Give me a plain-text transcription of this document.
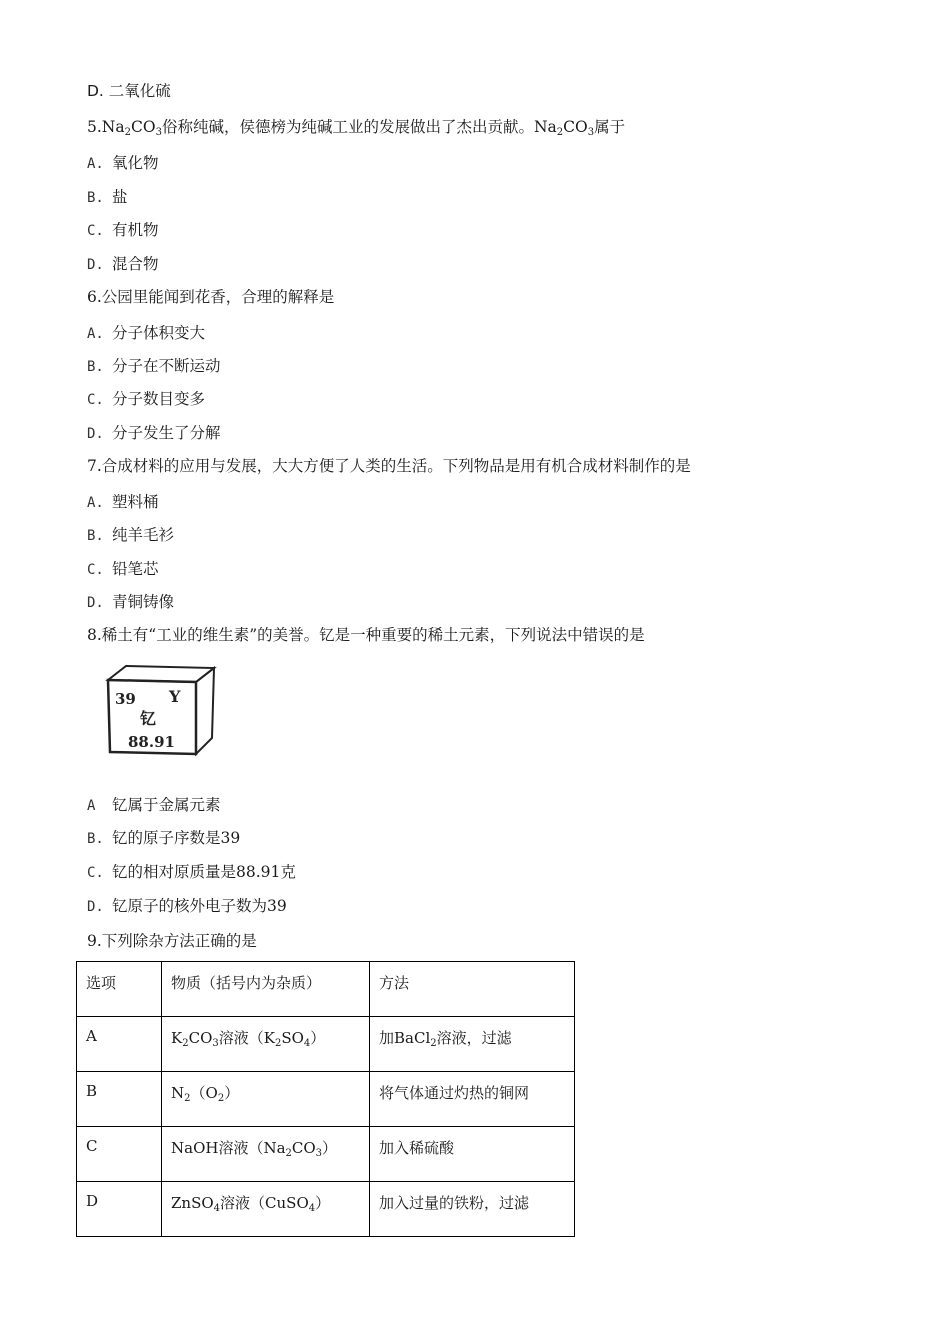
D. 二氧化硫
$5.Na_2CO_3$俗称纯碱，侯德榜为纯碱工业的发展做出了杰出贡献。$Na_2CO_3$属于
A. 氧化物
B. 盐
C. 有机物
D. 混合物
6.公园里能闻到花香，合理的解释是
A. 分子体积变大
B. 分子在不断运动
C. 分子数目变多
D. 分子发生了分解
7.合成材料的应用与发展，大大方便了人类的生活。下列物品是用有机合成材料制作的是
A. 塑料桶
B. 纯羊毛衫
C. 铅笔芯
D. 青铜铸像
8.稀土有“工业的维生素”的美誉。钇是一种重要的稀土元素，下列说法中错误的是
39 Y
钇
88.91
A 钇属于金属元素
B. 钇的原子序数是39
C. 钇的相对原质量是88.91克
D. 钇原子的核外电子数为39
9.下列除杂方法正确的是
选项	物质（括号内为杂质）	方法
A	$K_2CO_3$溶液$(K_2SO_4)$	加BaCl$_2$溶液，过滤
B	$N_2(O_2)$	将气体通过灼热的铜网
C	NaOH溶液$(Na_2CO_3)$	加入稀硫酸
D	ZnSO$_4$溶液（CuSO$_4$）	加入过量的铁粉，过滤
